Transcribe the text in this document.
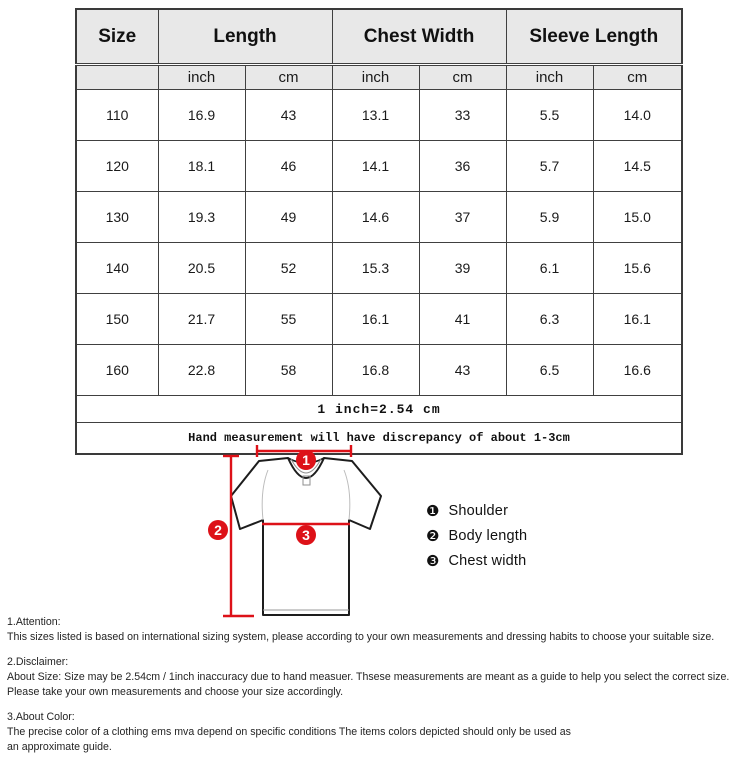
Size	Length		Chest Width		Sleeve Length	
	inch	cm	inch	cm	inch	cm
110	16.9	43	13.1	33	5.5	14.0
120	18.1	46	14.1	36	5.7	14.5
130	19.3	49	14.6	37	5.9	15.0
140	20.5	52	15.3	39	6.1	15.6
150	21.7	55	16.1	41	6.3	16.1
160	22.8	58	16.8	43	6.5	16.6
1 inch=2.54 cm						
Hand measurement will have discrepancy of about 1-3cm						
1
2	3
❶ Shoulder
❷ Body length
❸ Chest width
1.Attention:
This sizes listed is based on international sizing system, please according to your own measurements and dressing habits to choose your suitable size.
2.Disclaimer:
About Size: Size may be 2.54cm / 1inch inaccuracy due to hand measuer. Thsese measurements are meant as a guide to help you select the correct size.
Please take your own measurements and choose your size accordingly.
3.About Color:
The precise color of a clothing ems mva depend on specific conditions The items colors depicted should only be used as
an approximate guide.
